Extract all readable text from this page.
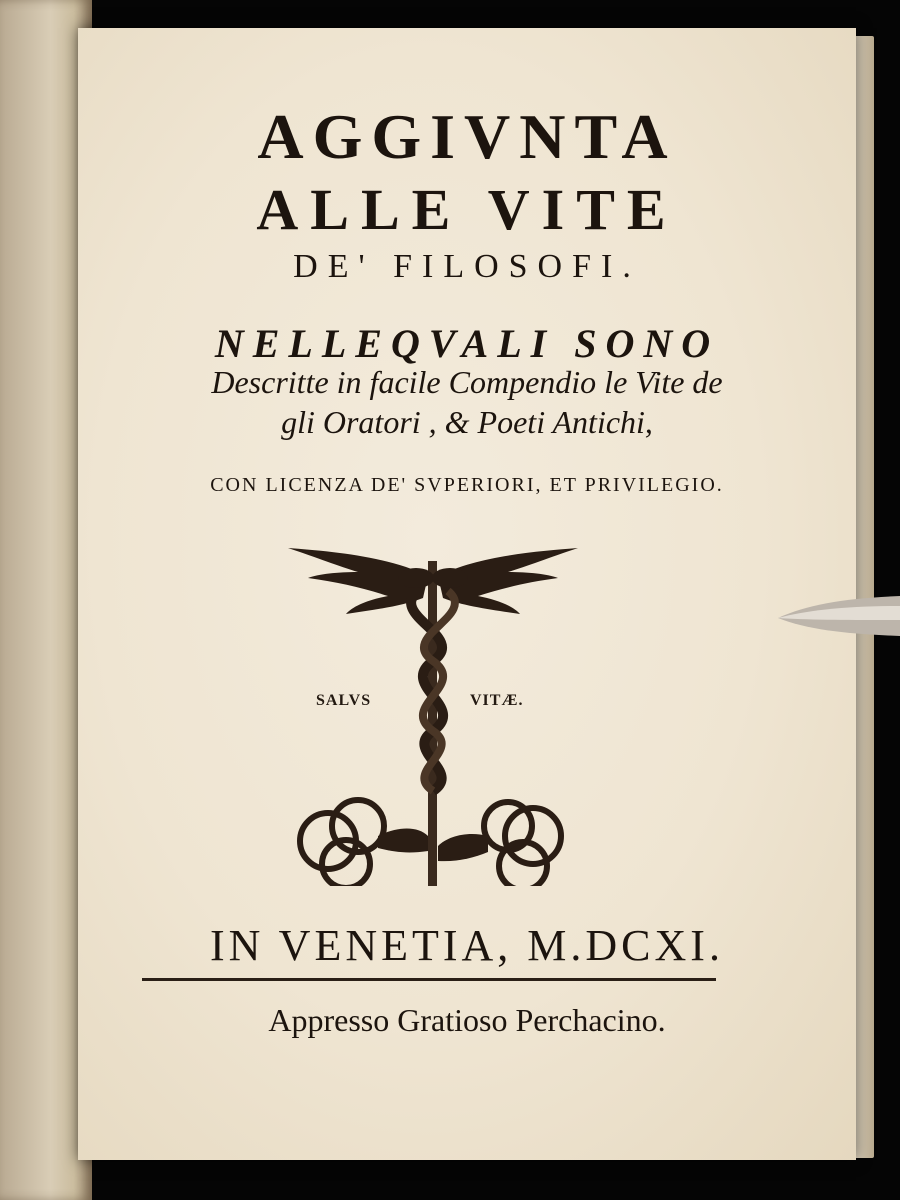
AGGIVNTA
ALLE VITE
DE' FILOSOFI.
NELLEQVALI SONO
Descritte in facile Compendio le Vite de
gli Oratori , & Poeti Antichi,
CON LICENZA DE' SVPERIORI, ET PRIVILEGIO.
SALVS	VITÆ.
IN VENETIA, M.DCXI.
Appresso Gratioso Perchacino.
